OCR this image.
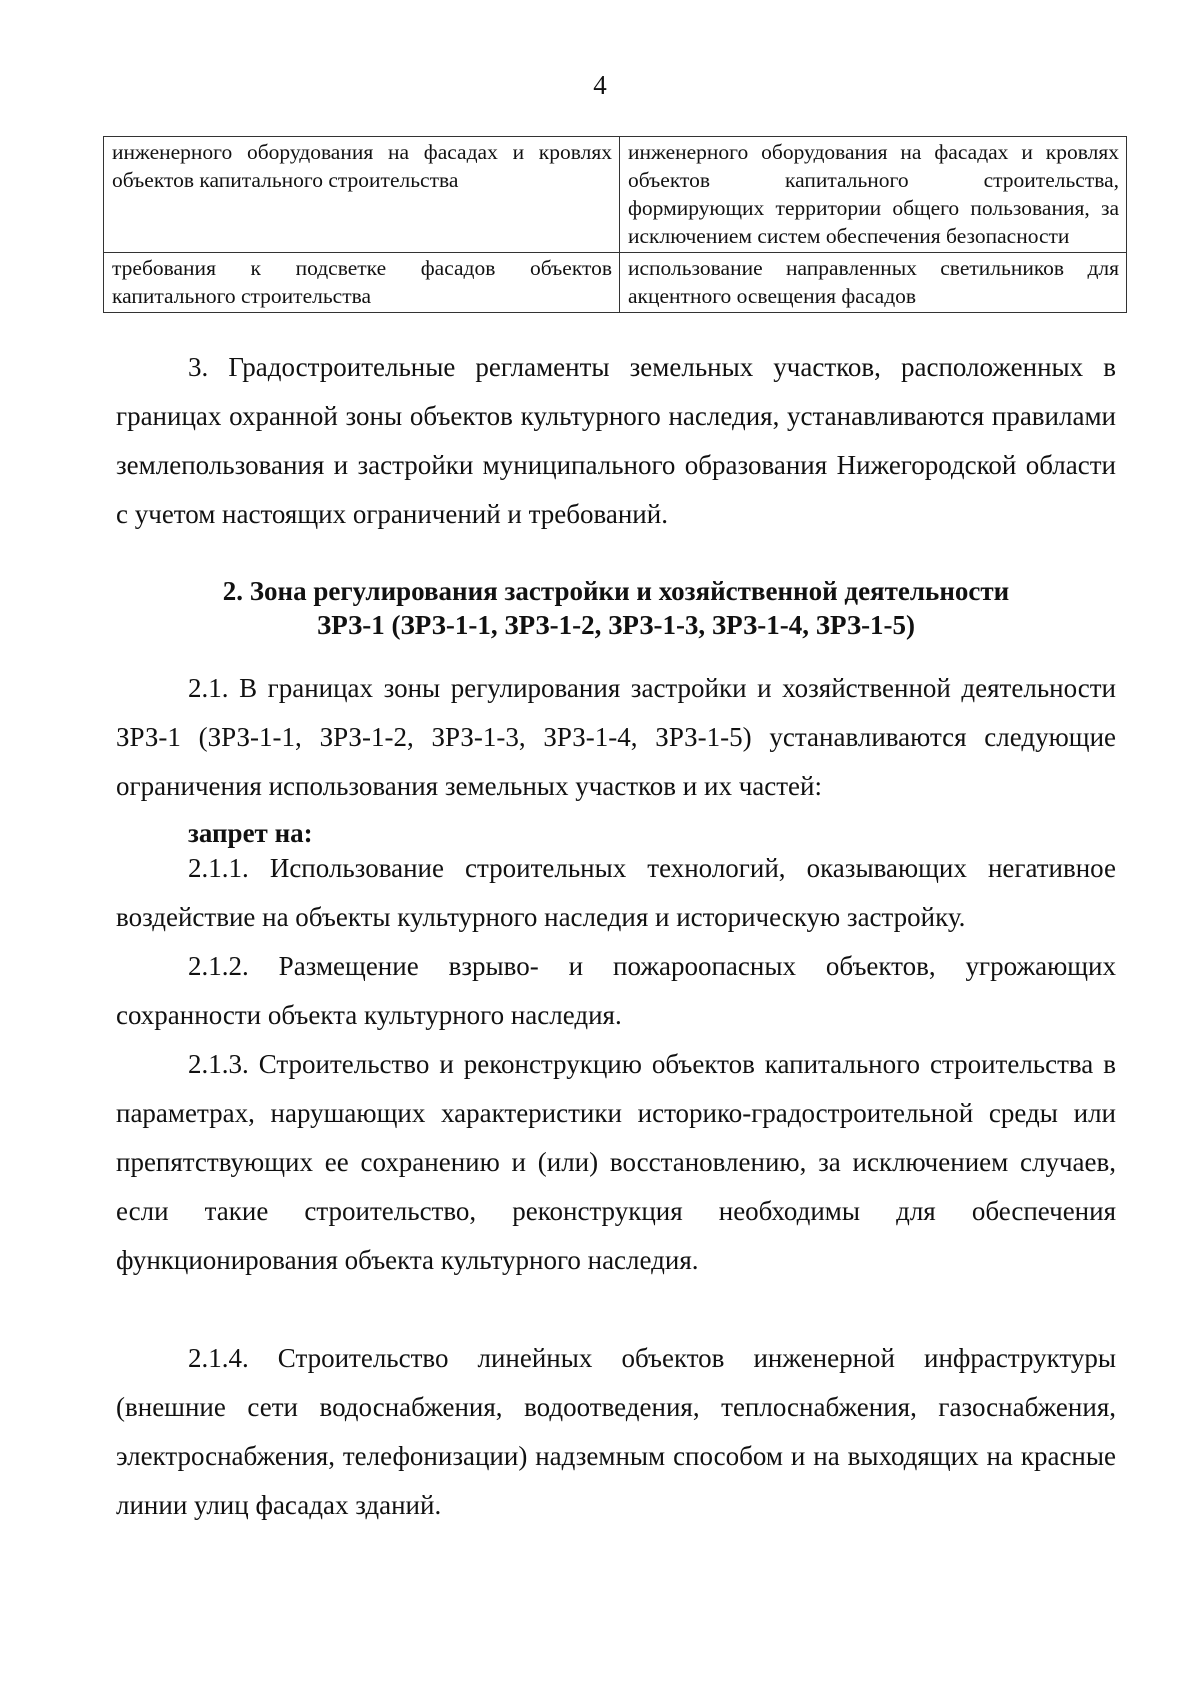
4
инженерного оборудования на фасадах и кровлях объектов капитального строительства	инженерного оборудования на фасадах и кровлях объектов капитального строительства, формирующих территории общего пользования, за исключением систем обеспечения безопасности
требования к подсветке фасадов объектов капитального строительства	использование направленных светильников для акцентного освещения фасадов

3. Градостроительные регламенты земельных участков, расположенных в границах охранной зоны объектов культурного наследия, устанавливаются правилами землепользования и застройки муниципального образования Нижегородской области с учетом настоящих ограничений и требований.

2. Зона регулирования застройки и хозяйственной деятельности
ЗРЗ-1 (ЗРЗ-1-1, ЗРЗ-1-2, ЗРЗ-1-3, ЗРЗ-1-4, ЗРЗ-1-5)

2.1. В границах зоны регулирования застройки и хозяйственной деятельности ЗРЗ-1 (ЗРЗ-1-1, ЗРЗ-1-2, ЗРЗ-1-3, ЗРЗ-1-4, ЗРЗ-1-5) устанавливаются следующие ограничения использования земельных участков и их частей:

запрет на:

2.1.1. Использование строительных технологий, оказывающих негативное воздействие на объекты культурного наследия и историческую застройку.

2.1.2. Размещение взрыво- и пожароопасных объектов, угрожающих сохранности объекта культурного наследия.

2.1.3. Строительство и реконструкцию объектов капитального строительства в параметрах, нарушающих характеристики историко-градостроительной среды или препятствующих ее сохранению и (или) восстановлению, за исключением случаев, если такие строительство, реконструкция необходимы для обеспечения функционирования объекта культурного наследия.

2.1.4. Строительство линейных объектов инженерной инфраструктуры (внешние сети водоснабжения, водоотведения, теплоснабжения, газоснабжения, электроснабжения, телефонизации) надземным способом и на выходящих на красные линии улиц фасадах зданий.
